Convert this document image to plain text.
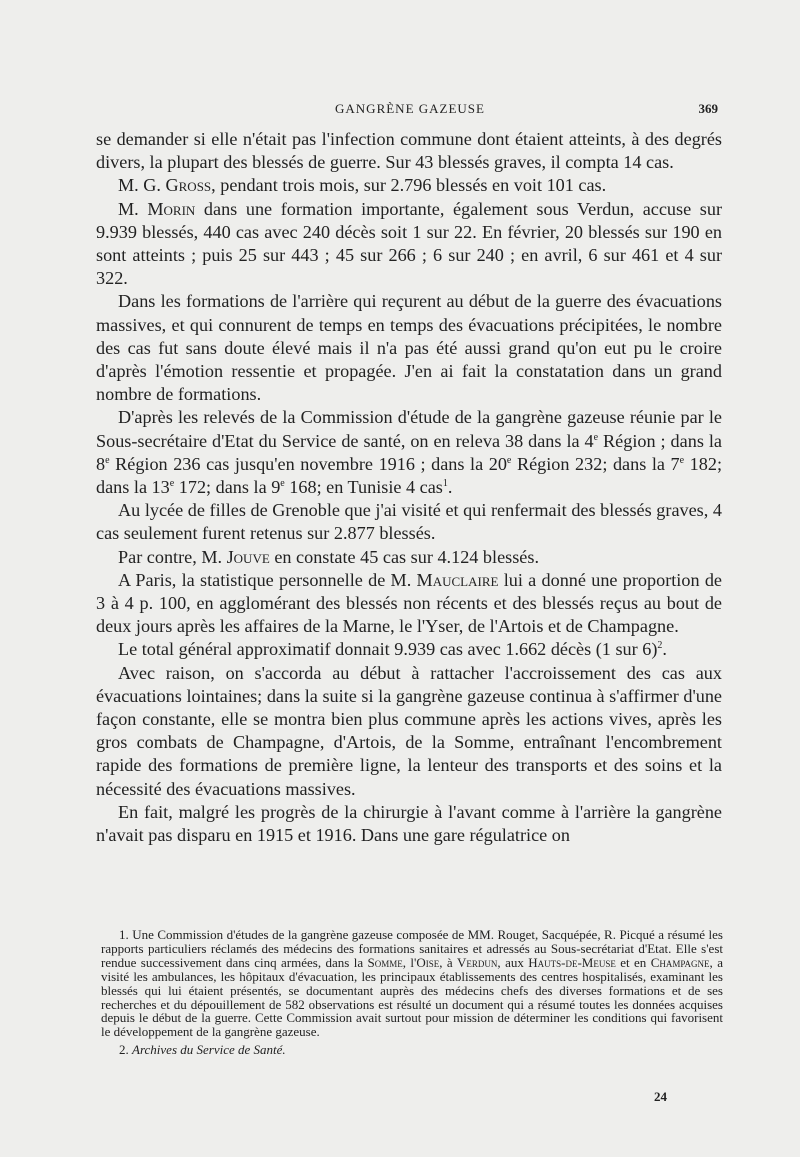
GANGRÈNE GAZEUSE	369

se demander si elle n'était pas l'infection commune dont étaient atteints, à des degrés divers, la plupart des blessés de guerre. Sur 43 blessés graves, il compta 14 cas.

M. G. Gross, pendant trois mois, sur 2.796 blessés en voit 101 cas.

M. Morin dans une formation importante, également sous Verdun, accuse sur 9.939 blessés, 440 cas avec 240 décès soit 1 sur 22. En février, 20 blessés sur 190 en sont atteints ; puis 25 sur 443 ; 45 sur 266 ; 6 sur 240 ; en avril, 6 sur 461 et 4 sur 322.

Dans les formations de l'arrière qui reçurent au début de la guerre des évacuations massives, et qui connurent de temps en temps des évacuations précipitées, le nombre des cas fut sans doute élevé mais il n'a pas été aussi grand qu'on eut pu le croire d'après l'émotion ressentie et propagée. J'en ai fait la constatation dans un grand nombre de formations.

D'après les relevés de la Commission d'étude de la gangrène gazeuse réunie par le Sous-secrétaire d'Etat du Service de santé, on en releva 38 dans la 4e Région ; dans la 8e Région 236 cas jusqu'en novembre 1916 ; dans la 20e Région 232; dans la 7e 182; dans la 13e 172; dans la 9e 168; en Tunisie 4 cas$^1$.

Au lycée de filles de Grenoble que j'ai visité et qui renfermait des blessés graves, 4 cas seulement furent retenus sur 2.877 blessés.

Par contre, M. Jouve en constate 45 cas sur 4.124 blessés.

A Paris, la statistique personnelle de M. Mauclaire lui a donné une proportion de 3 à 4 p. 100, en agglomérant des blessés non récents et des blessés reçus au bout de deux jours après les affaires de la Marne, le l'Yser, de l'Artois et de Champagne.

Le total général approximatif donnait 9.939 cas avec 1.662 décès (1 sur 6)$^2$.

Avec raison, on s'accorda au début à rattacher l'accroissement des cas aux évacuations lointaines; dans la suite si la gangrène gazeuse continua à s'affirmer d'une façon constante, elle se montra bien plus commune après les actions vives, après les gros combats de Champagne, d'Artois, de la Somme, entraînant l'encombrement rapide des formations de première ligne, la lenteur des transports et des soins et la nécessité des évacuations massives.

En fait, malgré les progrès de la chirurgie à l'avant comme à l'arrière la gangrène n'avait pas disparu en 1915 et 1916. Dans une gare régulatrice on

1. Une Commission d'études de la gangrène gazeuse composée de MM. Rouget, Sacquépée, R. Picqué a résumé les rapports particuliers réclamés des médecins des formations sanitaires et adressés au Sous-secrétariat d'Etat. Elle s'est rendue successivement dans cinq armées, dans la Somme, l'Oise, à Verdun, aux Hauts-de-Meuse et en Champagne, a visité les ambulances, les hôpitaux d'évacuation, les principaux établissements des centres hospitalisés, examinant les blessés qui lui étaient présentés, se documentant auprès des médecins chefs des diverses formations et de ses recherches et du dépouillement de 582 observations est résulté un document qui a résumé toutes les données acquises depuis le début de la guerre. Cette Commission avait surtout pour mission de déterminer les conditions qui favorisent le développement de la gangrène gazeuse.

2. Archives du Service de Santé.

24
